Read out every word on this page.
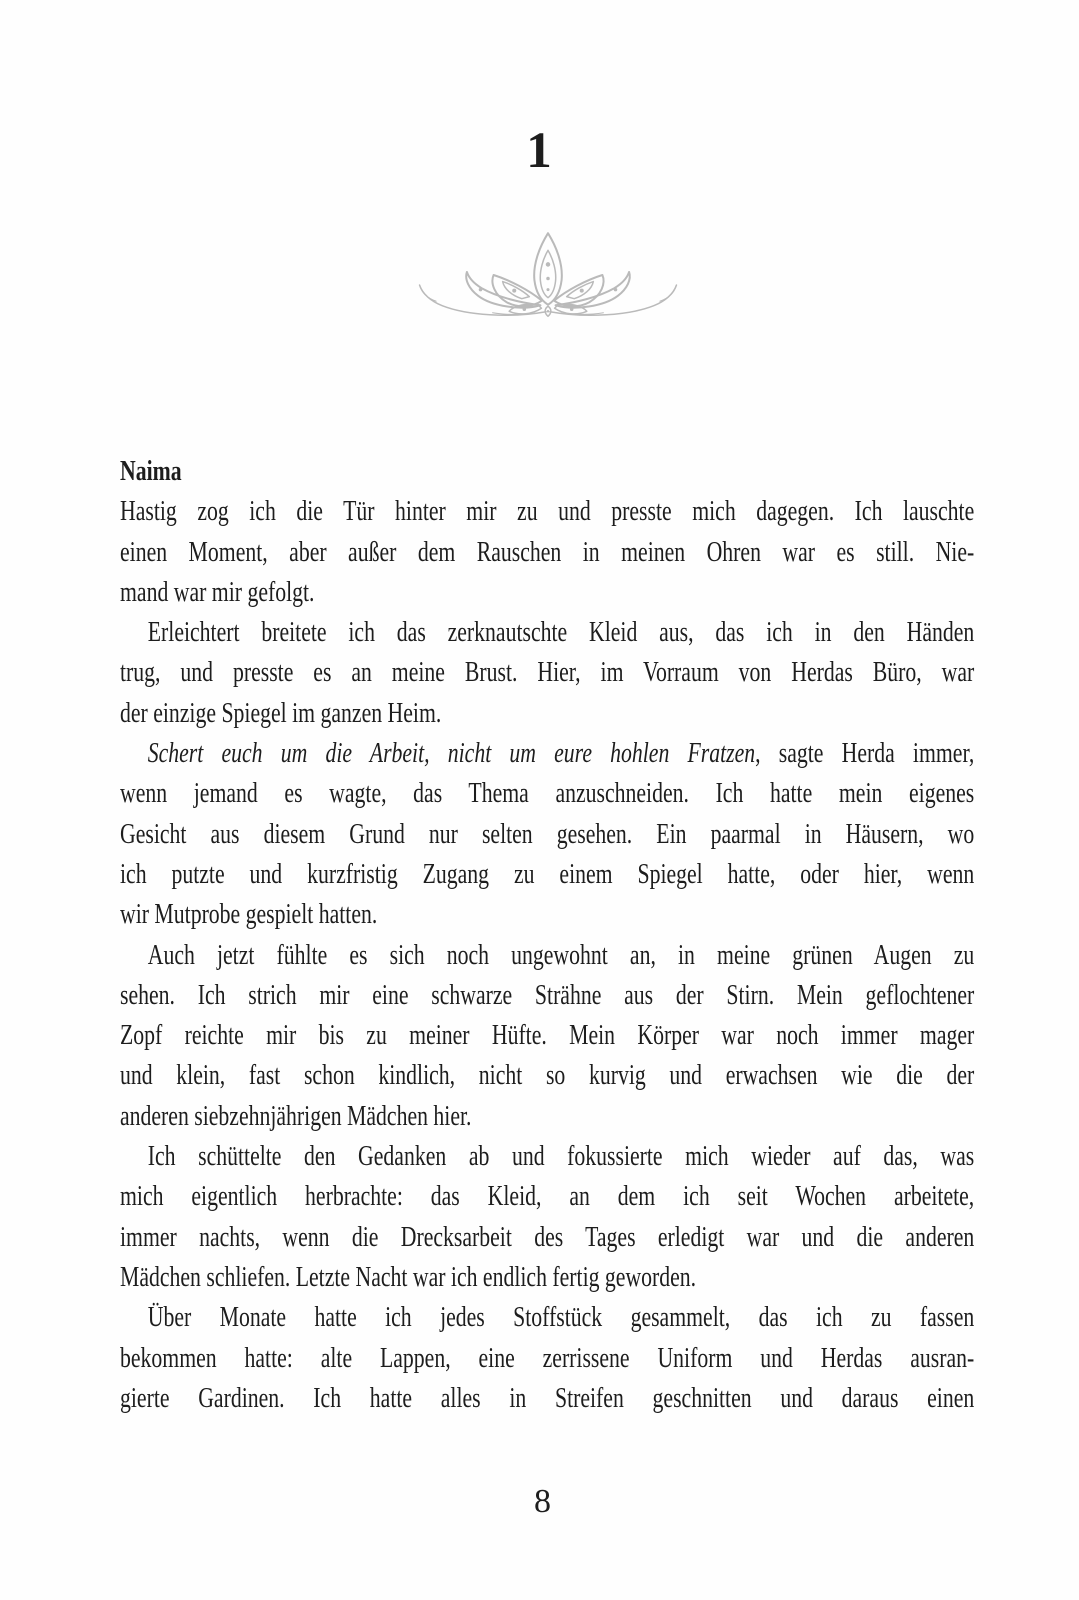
1
Naima
Hastig zog ich die Tür hinter mir zu und presste mich dagegen. Ich lauschte
einen Moment, aber außer dem Rauschen in meinen Ohren war es still. Nie-
mand war mir gefolgt.
Erleichtert breitete ich das zerknautschte Kleid aus, das ich in den Händen
trug, und presste es an meine Brust. Hier, im Vorraum von Herdas Büro, war
der einzige Spiegel im ganzen Heim.
Schert euch um die Arbeit, nicht um eure hohlen Fratzen, sagte Herda immer,
wenn jemand es wagte, das Thema anzuschneiden. Ich hatte mein eigenes
Gesicht aus diesem Grund nur selten gesehen. Ein paarmal in Häusern, wo
ich putzte und kurzfristig Zugang zu einem Spiegel hatte, oder hier, wenn
wir Mutprobe gespielt hatten.
Auch jetzt fühlte es sich noch ungewohnt an, in meine grünen Augen zu
sehen. Ich strich mir eine schwarze Strähne aus der Stirn. Mein geflochtener
Zopf reichte mir bis zu meiner Hüfte. Mein Körper war noch immer mager
und klein, fast schon kindlich, nicht so kurvig und erwachsen wie die der
anderen siebzehnjährigen Mädchen hier.
Ich schüttelte den Gedanken ab und fokussierte mich wieder auf das, was
mich eigentlich herbrachte: das Kleid, an dem ich seit Wochen arbeitete,
immer nachts, wenn die Drecksarbeit des Tages erledigt war und die anderen
Mädchen schliefen. Letzte Nacht war ich endlich fertig geworden.
Über Monate hatte ich jedes Stoffstück gesammelt, das ich zu fassen
bekommen hatte: alte Lappen, eine zerrissene Uniform und Herdas ausran-
gierte Gardinen. Ich hatte alles in Streifen geschnitten und daraus einen
8
